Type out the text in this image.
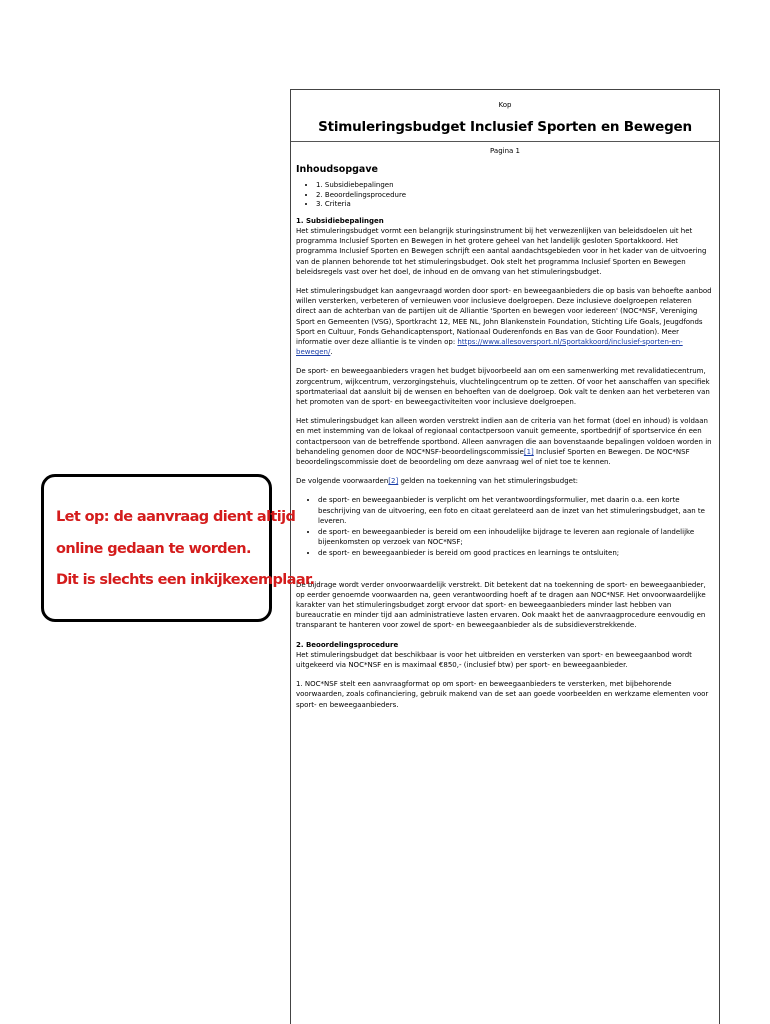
Kop
Stimuleringsbudget Inclusief Sporten en Bewegen
Pagina 1
Inhoudsopgave
• 1. Subsidiebepalingen
• 2. Beoordelingsprocedure
• 3. Criteria
1. Subsidiebepalingen

Het stimuleringsbudget vormt een belangrijk sturingsinstrument bij het verwezenlijken van beleidsdoelen uit het programma Inclusief Sporten en Bewegen in het grotere geheel van het landelijk gesloten Sportakkoord. Het programma Inclusief Sporten en Bewegen schrijft een aantal aandachtsgebieden voor in het kader van de uitvoering van de plannen behorende tot het stimuleringsbudget. Ook stelt het programma Inclusief Sporten en Bewegen beleidsregels vast over het doel, de inhoud en de omvang van het stimuleringsbudget.

Het stimuleringsbudget kan aangevraagd worden door sport- en beweegaanbieders die op basis van behoefte aanbod willen versterken, verbeteren of vernieuwen voor inclusieve doelgroepen. Deze inclusieve doelgroepen relateren direct aan de achterban van de partijen uit de Alliantie 'Sporten en bewegen voor iedereen' (NOC*NSF, Vereniging Sport en Gemeenten (VSG), Sportkracht 12, MEE NL, John Blankenstein Foundation, Stichting Life Goals, Jeugdfonds Sport en Cultuur, Fonds Gehandicaptensport, Nationaal Ouderenfonds en Bas van de Goor Foundation). Meer informatie over deze alliantie is te vinden op: https://www.allesoversport.nl/Sportakkoord/inclusief-sporten-en-bewegen/.

De sport- en beweegaanbieders vragen het budget bijvoorbeeld aan om een samenwerking met revalidatiecentrum, zorgcentrum, wijkcentrum, verzorgingstehuis, vluchtelingcentrum op te zetten. Of voor het aanschaffen van specifiek sportmateriaal dat aansluit bij de wensen en behoeften van de doelgroep. Ook valt te denken aan het verbeteren van het promoten van de sport- en beweegactiviteiten voor inclusieve doelgroepen.

Het stimuleringsbudget kan alleen worden verstrekt indien aan de criteria van het format (doel en inhoud) is voldaan en met instemming van de lokaal of regionaal contactpersoon vanuit gemeente, sportbedrijf of sportservice én een contactpersoon van de betreffende sportbond. Alleen aanvragen die aan bovenstaande bepalingen voldoen worden in behandeling genomen door de NOC*NSF-beoordelingscommissie[1] Inclusief Sporten en Bewegen. De NOC*NSF beoordelingscommissie doet de beoordeling om deze aanvraag wel of niet toe te kennen.

De volgende voorwaarden[2] gelden na toekenning van het stimuleringsbudget:

• de sport- en beweegaanbieder is verplicht om het verantwoordingsformulier, met daarin o.a. een korte beschrijving van de uitvoering, een foto en citaat gerelateerd aan de inzet van het stimuleringsbudget, aan te leveren.
• de sport- en beweegaanbieder is bereid om een inhoudelijke bijdrage te leveren aan regionale of landelijke bijeenkomsten op verzoek van NOC*NSF;
• de sport- en beweegaanbieder is bereid om good practices en learnings te ontsluiten;

De bijdrage wordt verder onvoorwaardelijk verstrekt. Dit betekent dat na toekenning de sport- en beweegaanbieder, op eerder genoemde voorwaarden na, geen verantwoording hoeft af te dragen aan NOC*NSF. Het onvoorwaardelijke karakter van het stimuleringsbudget zorgt ervoor dat sport- en beweegaanbieders minder last hebben van bureaucratie en minder tijd aan administratieve lasten ervaren. Ook maakt het de aanvraagprocedure eenvoudig en transparant te hanteren voor zowel de sport- en beweegaanbieder als de subsidieverstrekkende.

2. Beoordelingsprocedure

Het stimuleringsbudget dat beschikbaar is voor het uitbreiden en versterken van sport- en beweegaanbod wordt uitgekeerd via NOC*NSF en is maximaal €850,- (inclusief btw) per sport- en beweegaanbieder.

1. NOC*NSF stelt een aanvraagformat op om sport- en beweegaanbieders te versterken, met bijbehorende voorwaarden, zoals cofinanciering, gebruik makend van de set aan goede voorbeelden en werkzame elementen voor sport- en beweegaanbieders.

Let op: de aanvraag dient altijd
online gedaan te worden.
Dit is slechts een inkijkexemplaar.
